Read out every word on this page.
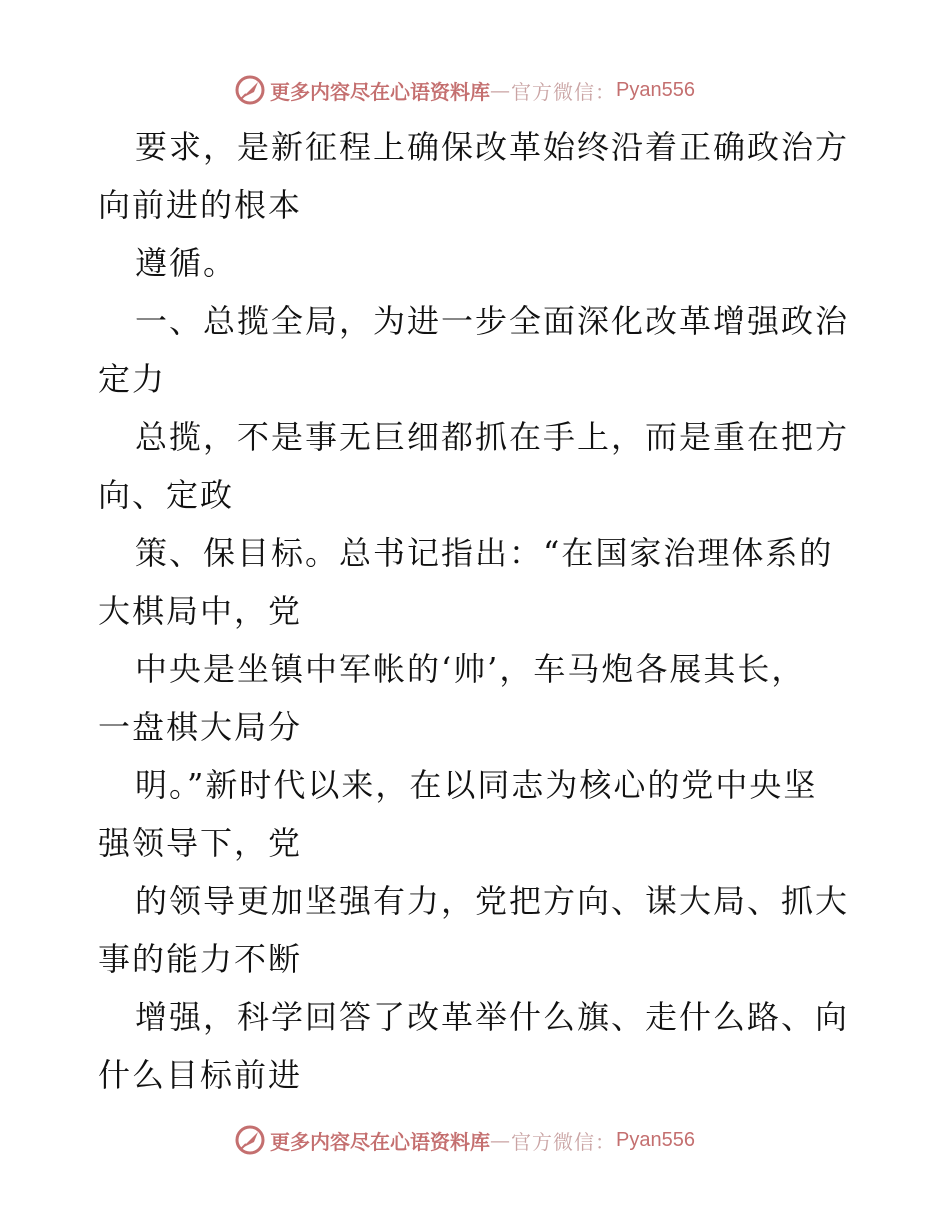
更多内容尽在心语资料库 — 官方微信： Pyan556
要求，是新征程上确保改革始终沿着正确政治方
向前进的根本
遵循。
一、总揽全局，为进一步全面深化改革增强政治
定力
总揽，不是事无巨细都抓在手上，而是重在把方
向、定政
策、保目标。总书记指出：“在国家治理体系的
大棋局中，党
中央是坐镇中军帐的‘帅’，车马炮各展其长，
一盘棋大局分
明。”新时代以来，在以同志为核心的党中央坚
强领导下，党
的领导更加坚强有力，党把方向、谋大局、抓大
事的能力不断
增强，科学回答了改革举什么旗、走什么路、向
什么目标前进
更多内容尽在心语资料库 — 官方微信： Pyan556
